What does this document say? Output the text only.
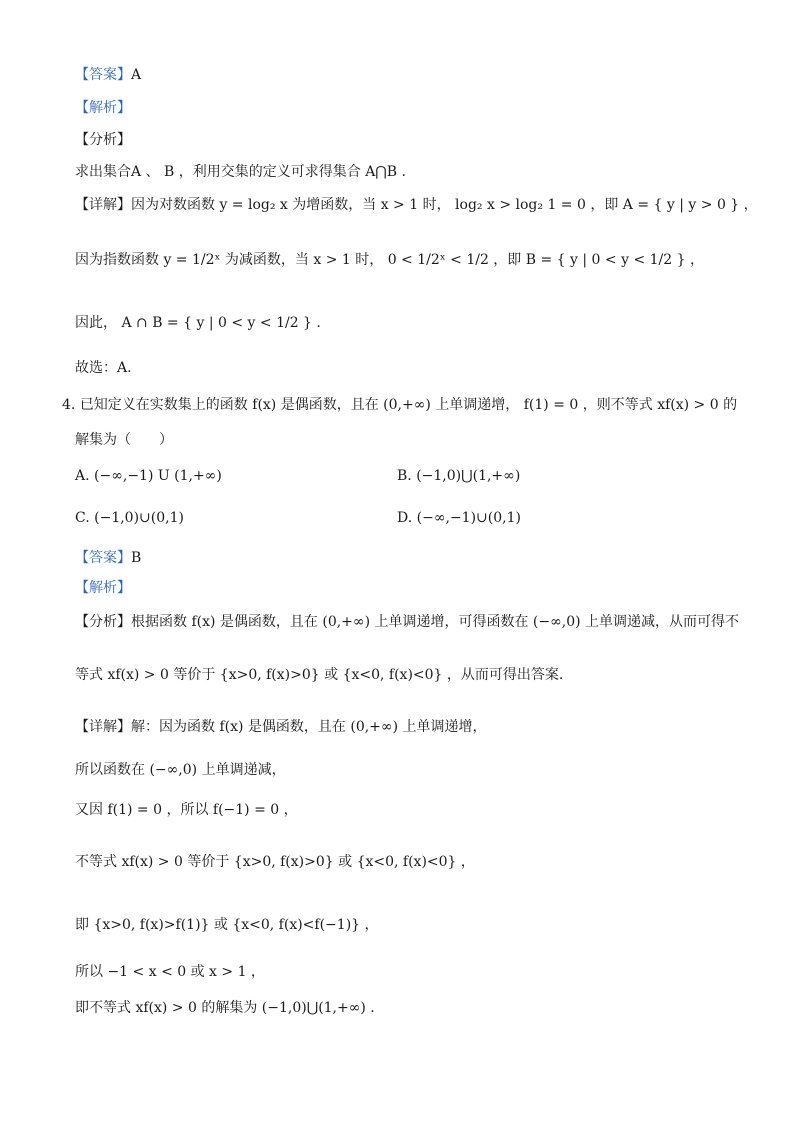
【答案】A
【解析】
【分析】
求出集合A 、 B ，利用交集的定义可求得集合 A⋂B .
【详解】因为对数函数 y = log₂ x 为增函数，当 x > 1 时， log₂ x > log₂ 1 = 0 ，即 A = { y | y > 0 } ，
因为指数函数 y = 1/2ˣ 为减函数，当 x > 1 时， 0 < 1/2ˣ < 1/2 ，即 B = { y | 0 < y < 1/2 } ，
因此， A ∩ B = { y | 0 < y < 1/2 } .
故选：A.
4. 已知定义在实数集上的函数 f(x) 是偶函数，且在 (0,+∞) 上单调递增， f(1) = 0 ，则不等式 xf(x) > 0 的
解集为（　　）
A. (−∞,−1) U (1,+∞)	B. (−1,0)⋃(1,+∞)
C. (−1,0)∪(0,1)	D. (−∞,−1)∪(0,1)
【答案】B
【解析】
【分析】根据函数 f(x) 是偶函数，且在 (0,+∞) 上单调递增，可得函数在 (−∞,0) 上单调递减，从而可得不
等式 xf(x) > 0 等价于 {x>0, f(x)>0} 或 {x<0, f(x)<0} ，从而可得出答案.
【详解】解：因为函数 f(x) 是偶函数，且在 (0,+∞) 上单调递增，
所以函数在 (−∞,0) 上单调递减，
又因 f(1) = 0 ，所以 f(−1) = 0 ，
不等式 xf(x) > 0 等价于 {x>0, f(x)>0} 或 {x<0, f(x)<0} ，
即 {x>0, f(x)>f(1)} 或 {x<0, f(x)<f(−1)} ，
所以 −1 < x < 0 或 x > 1 ，
即不等式 xf(x) > 0 的解集为 (−1,0)⋃(1,+∞) .
